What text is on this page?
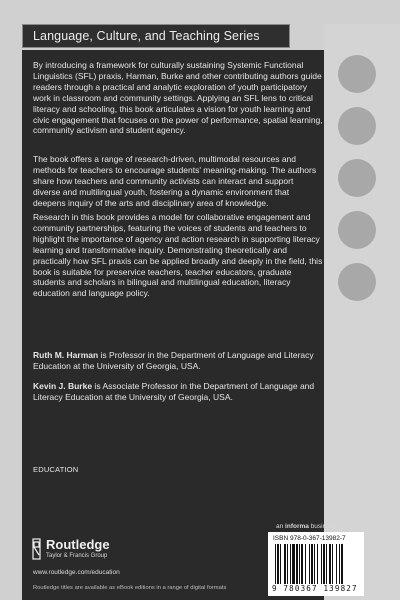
Language, Culture, and Teaching Series

By introducing a framework for culturally sustaining Systemic Functional Linguistics (SFL) praxis, Harman, Burke and other contributing authors guide readers through a practical and analytic exploration of youth participatory work in classroom and community settings. Applying an SFL lens to critical literacy and schooling, this book articulates a vision for youth learning and civic engagement that focuses on the power of performance, spatial learning, community activism and student agency.

The book offers a range of research-driven, multimodal resources and methods for teachers to encourage students' meaning-making. The authors share how teachers and community activists can interact and support diverse and multilingual youth, fostering a dynamic environment that deepens inquiry of the arts and disciplinary area of knowledge.

Research in this book provides a model for collaborative engagement and community partnerships, featuring the voices of students and teachers to highlight the importance of agency and action research in supporting literacy learning and transformative inquiry. Demonstrating theoretically and practically how SFL praxis can be applied broadly and deeply in the field, this book is suitable for preservice teachers, teacher educators, graduate students and scholars in bilingual and multilingual education, literacy education and language policy.

Ruth M. Harman is Professor in the Department of Language and Literacy Education at the University of Georgia, USA.
Kevin J. Burke is Associate Professor in the Department of Language and Literacy Education at the University of Georgia, USA.
EDUCATION
Routledge
Taylor & Francis Group
www.routledge.com/education
Routledge titles are available as eBook editions in a range of digital formats
an informa business
ISBN 978-0-367-13982-7
9 780367 139827
